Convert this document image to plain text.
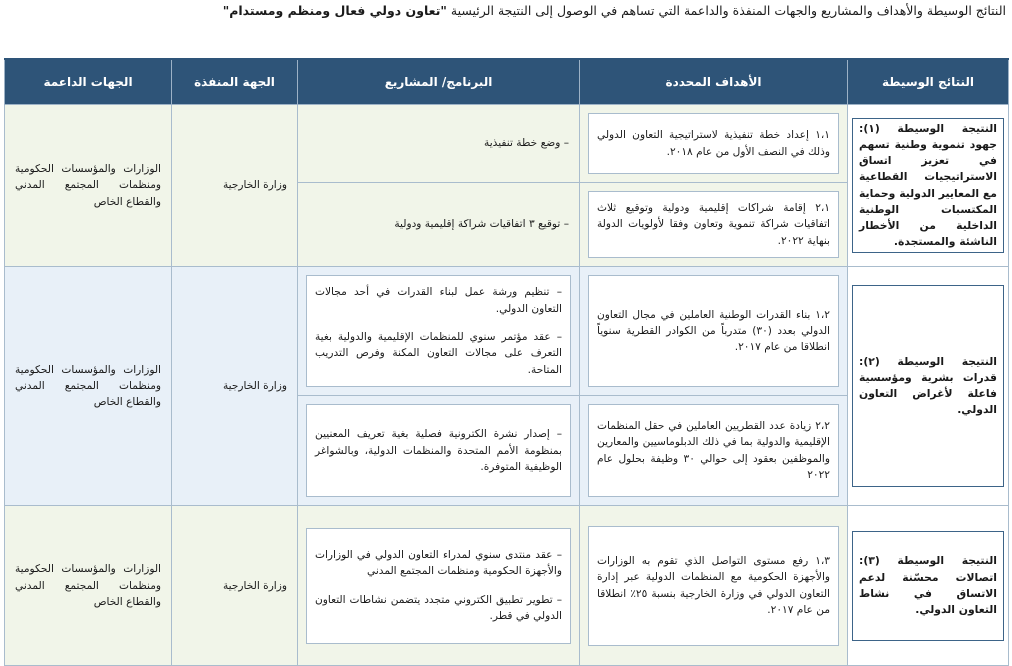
النتائج الوسيطة والأهداف والمشاريع والجهات المنفذة والداعمة التي تساهم في الوصول إلى النتيجة الرئيسية "تعاون دولي فعال ومنظم ومستدام"
النتائج الوسيطة	الأهداف المحددة	البرنامج/ المشاريع	الجهة المنفذة	الجهات الداعمة

النتيجة الوسيطة (١): جهود تنموية وطنية تسهم في تعزيز اتساق الاستراتيجيات القطاعية مع المعايير الدولية وحماية المكتسبات الوطنية الداخلية من الأخطار الناشئة والمستجدة.	١،١ إعداد خطة تنفيذية لاستراتيجية التعاون الدولي وذلك في النصف الأول من عام ٢٠١٨.	– وضع خطة تنفيذية	وزارة الخارجية	الوزارات والمؤسسات الحكومية ومنظمات المجتمع المدني والقطاع الخاص

	٢،١ إقامة شراكات إقليمية ودولية وتوقيع ثلاث اتفاقيات شراكة تنموية وتعاون وفقا لأولويات الدولة بنهاية ٢٠٢٢.	– توقيع ٣ اتفاقيات شراكة إقليمية ودولية		

النتيجة الوسيطة (٢): قدرات بشرية ومؤسسية فاعلة لأغراض التعاون الدولي.	١،٢ بناء القدرات الوطنية العاملين في مجال التعاون الدولي بعدد (٣٠) متدرباً من الكوادر القطرية سنوياً انطلاقا من عام ٢٠١٧.	– تنظيم ورشة عمل لبناء القدرات في أحد مجالات التعاون الدولي.

– عقد مؤتمر سنوي للمنظمات الإقليمية والدولية بغية التعرف على مجالات التعاون المكنة وفرص التدريب المتاحة.	وزارة الخارجية	الوزارات والمؤسسات الحكومية ومنظمات المجتمع المدني والقطاع الخاص

	٢،٢ زيادة عدد القطريين العاملين في حقل المنظمات الإقليمية والدولية بما في ذلك الدبلوماسيين والمعارين والموظفين بعقود إلى حوالي ٣٠ وظيفة بحلول عام ٢٠٢٢	– إصدار نشرة الكترونية فصلية بغية تعريف المعنيين بمنظومة الأمم المتحدة والمنظمات الدولية، وبالشواغر الوظيفية المتوفرة.		

النتيجة الوسيطة (٣): اتصالات محسّنة لدعم الاتساق في نشاط التعاون الدولي.	١،٣ رفع مستوى التواصل الذي تقوم به الوزارات والأجهزة الحكومية مع المنظمات الدولية عبر إدارة التعاون الدولي في وزارة الخارجية بنسبة ٢٥٪ انطلاقا من عام ٢٠١٧.	– عقد منتدى سنوي لمدراء التعاون الدولي في الوزارات والأجهزة الحكومية ومنظمات المجتمع المدني

– تطوير تطبيق الكتروني متجدد يتضمن نشاطات التعاون الدولي في قطر.	وزارة الخارجية	الوزارات والمؤسسات الحكومية ومنظمات المجتمع المدني والقطاع الخاص
